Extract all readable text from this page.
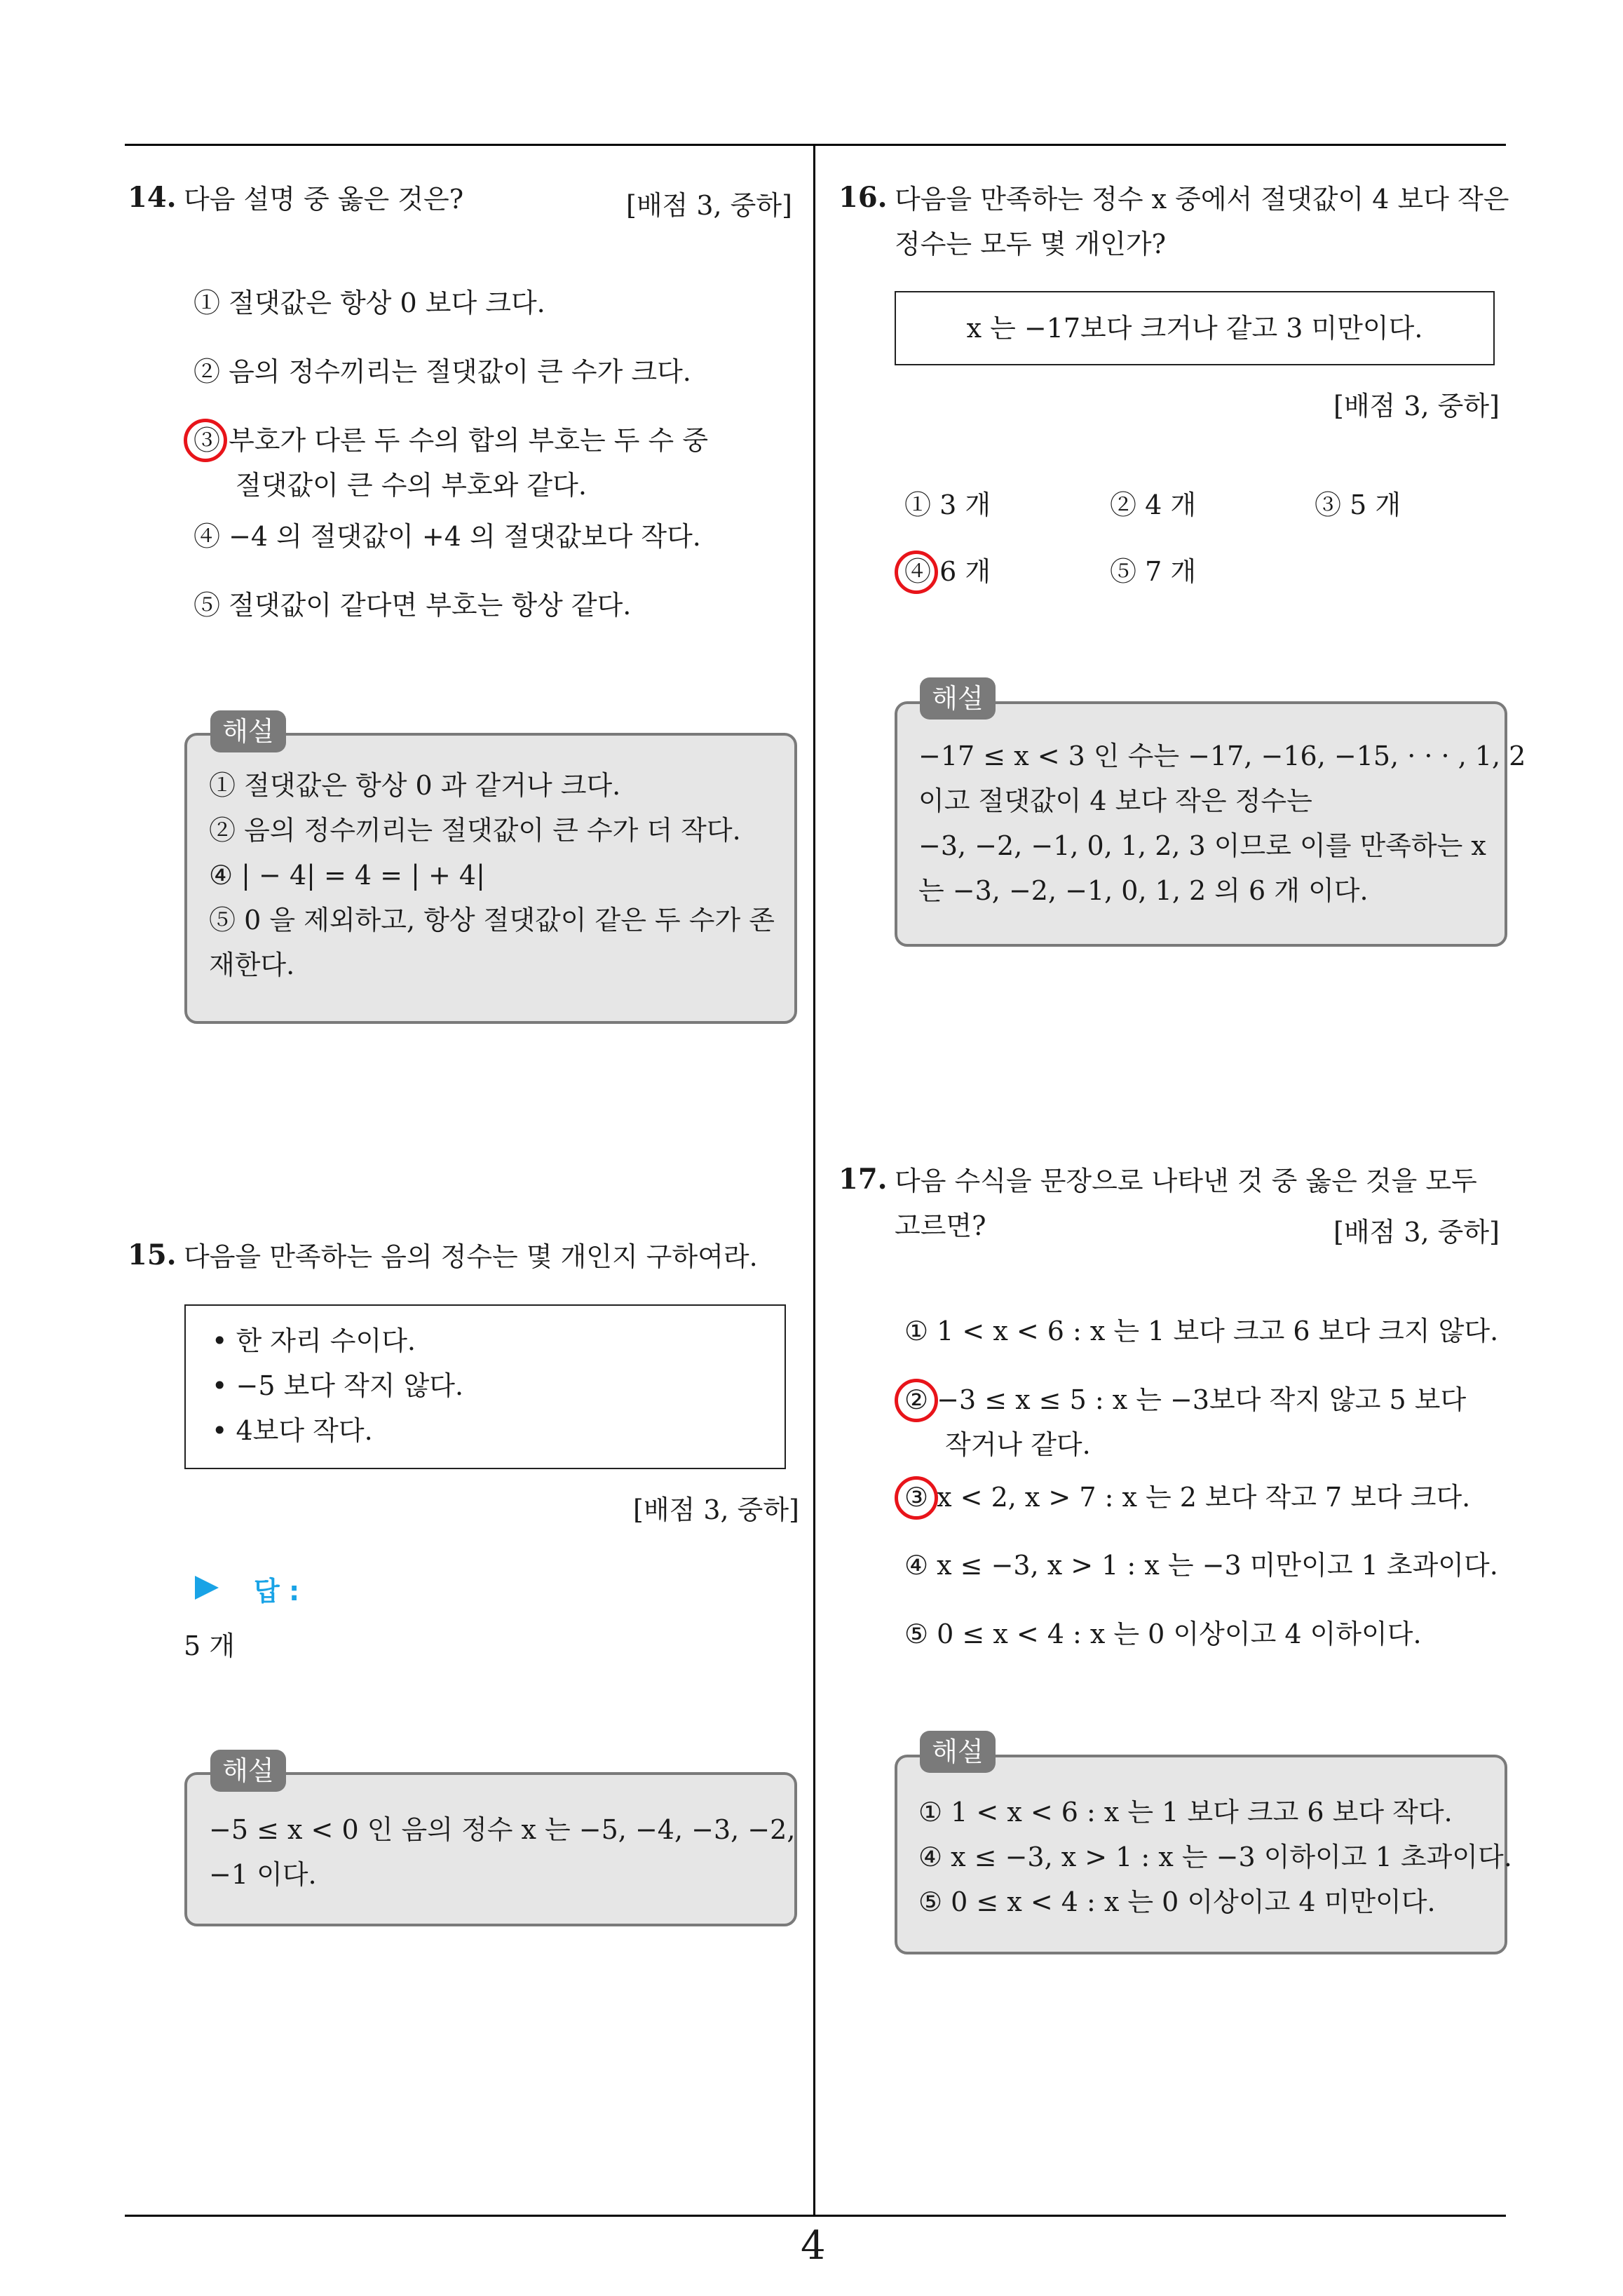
4
14. 다음 설명 중 옳은 것은?	[배점 3, 중하]
① 절댓값은 항상 0 보다 크다.
② 음의 정수끼리는 절댓값이 큰 수가 크다.
③ 부호가 다른 두 수의 합의 부호는 두 수 중
절댓값이 큰 수의 부호와 같다.
④ −4 의 절댓값이 +4 의 절댓값보다 작다.
⑤ 절댓값이 같다면 부호는 항상 같다.
해설
① 절댓값은 항상 0 과 같거나 크다.
② 음의 정수끼리는 절댓값이 큰 수가 더 작다.
④ | − 4| = 4 = | + 4|
⑤ 0 을 제외하고, 항상 절댓값이 같은 두 수가 존
재한다.
15. 다음을 만족하는 음의 정수는 몇 개인지 구하여라.
• 한 자리 수이다.
• −5 보다 작지 않다.
• 4보다 작다.
[배점 3, 중하]
답 :
5 개
해설
−5 ≤ x < 0 인 음의 정수 x 는 −5, −4, −3, −2,
−1 이다.
16. 다음을 만족하는 정수 x 중에서 절댓값이 4 보다 작은
정수는 모두 몇 개인가?
x 는 −17보다 크거나 같고 3 미만이다.
[배점 3, 중하]
① 3 개	② 4 개	③ 5 개
④ 6 개	⑤ 7 개
해설
−17 ≤ x < 3 인 수는 −17, −16, −15, · · · , 1, 2
이고 절댓값이 4 보다 작은 정수는
−3, −2, −1, 0, 1, 2, 3 이므로 이를 만족하는 x
는 −3, −2, −1, 0, 1, 2 의 6 개 이다.
17. 다음 수식을 문장으로 나타낸 것 중 옳은 것을 모두
고르면?	[배점 3, 중하]
① 1 < x < 6 : x 는 1 보다 크고 6 보다 크지 않다.
② −3 ≤ x ≤ 5 : x 는 −3보다 작지 않고 5 보다
작거나 같다.
③ x < 2, x > 7 : x 는 2 보다 작고 7 보다 크다.
④ x ≤ −3, x > 1 : x 는 −3 미만이고 1 초과이다.
⑤ 0 ≤ x < 4 : x 는 0 이상이고 4 이하이다.
해설
① 1 < x < 6 : x 는 1 보다 크고 6 보다 작다.
④ x ≤ −3, x > 1 : x 는 −3 이하이고 1 초과이다.
⑤ 0 ≤ x < 4 : x 는 0 이상이고 4 미만이다.
